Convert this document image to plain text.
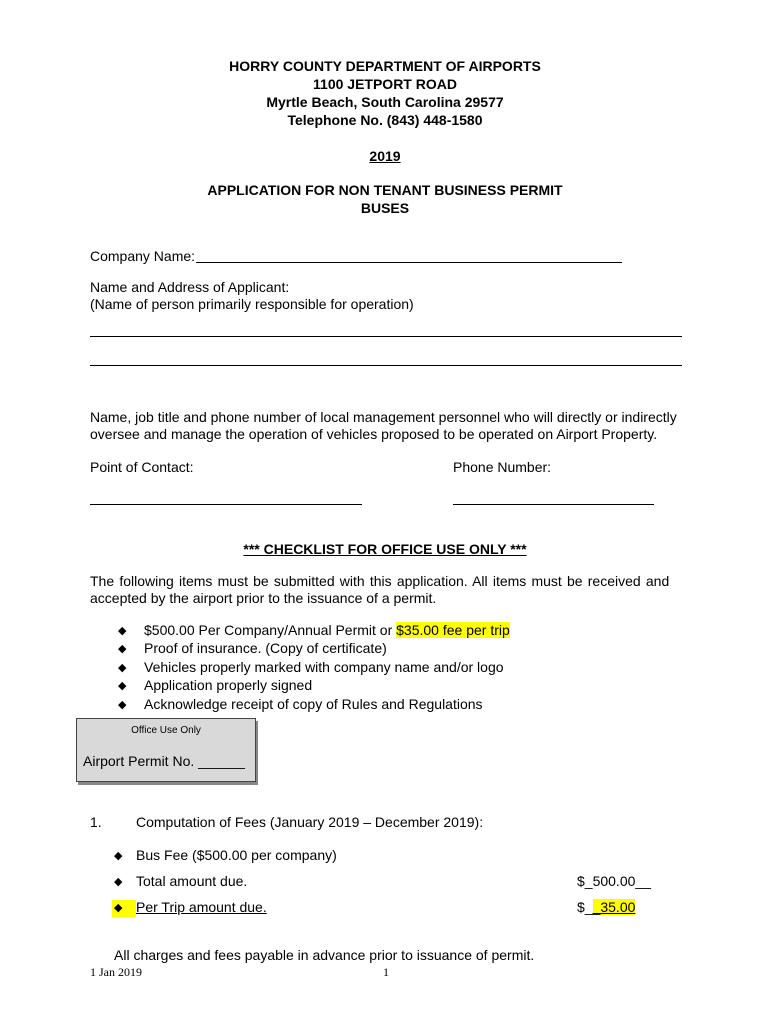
HORRY COUNTY DEPARTMENT OF AIRPORTS
1100 JETPORT ROAD
Myrtle Beach, South Carolina 29577
Telephone No. (843) 448-1580
2019
APPLICATION FOR NON TENANT BUSINESS PERMIT
BUSES
Company Name:
Name and Address of Applicant:
(Name of person primarily responsible for operation)
Name, job title and phone number of local management personnel who will directly or indirectly
oversee and manage the operation of vehicles proposed to be operated on Airport Property.
Point of Contact:	Phone Number:
*** CHECKLIST FOR OFFICE USE ONLY ***
The following items must be submitted with this application. All items must be received and
accepted by the airport prior to the issuance of a permit.
◆ $500.00 Per Company/Annual Permit or $35.00 fee per trip
◆ Proof of insurance. (Copy of certificate)
◆ Vehicles properly marked with company name and/or logo
◆ Application properly signed
◆ Acknowledge receipt of copy of Rules and Regulations
Office Use Only
Airport Permit No. ______
1. Computation of Fees (January 2019 – December 2019):
◆ Bus Fee ($500.00 per company)
◆ Total amount due.	$_500.00__
◆ Per Trip amount due.	$__35.00
All charges and fees payable in advance prior to issuance of permit.
1 Jan 2019	1
